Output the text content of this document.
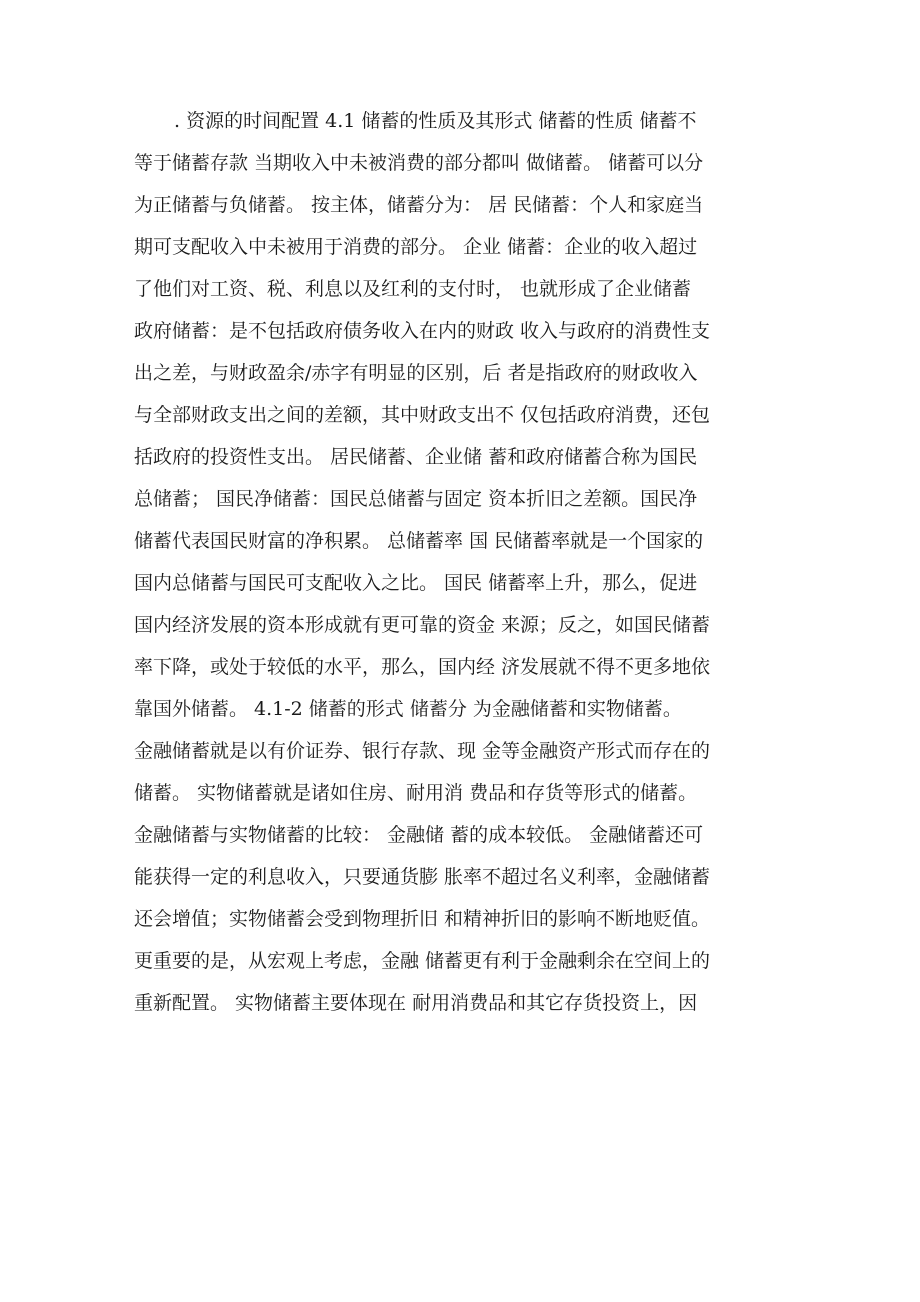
. 资源的时间配置 4.1 储蓄的性质及其形式 储蓄的性质 储蓄不
等于储蓄存款 当期收入中未被消费的部分都叫 做储蓄。 储蓄可以分
为正储蓄与负储蓄。 按主体，储蓄分为： 居 民储蓄：个人和家庭当
期可支配收入中未被用于消费的部分。 企业 储蓄：企业的收入超过
了他们对工资、税、利息以及红利的支付时， 也就形成了企业储蓄
政府储蓄：是不包括政府债务收入在内的财政 收入与政府的消费性支
出之差，与财政盈余/赤字有明显的区别，后 者是指政府的财政收入
与全部财政支出之间的差额，其中财政支出不 仅包括政府消费，还包
括政府的投资性支出。 居民储蓄、企业储 蓄和政府储蓄合称为国民
总储蓄； 国民净储蓄：国民总储蓄与固定 资本折旧之差额。国民净
储蓄代表国民财富的净积累。 总储蓄率 国 民储蓄率就是一个国家的
国内总储蓄与国民可支配收入之比。 国民 储蓄率上升，那么，促进
国内经济发展的资本形成就有更可靠的资金 来源；反之，如国民储蓄
率下降，或处于较低的水平，那么，国内经 济发展就不得不更多地依
靠国外储蓄。 4.1-2 储蓄的形式 储蓄分 为金融储蓄和实物储蓄。
金融储蓄就是以有价证券、银行存款、现 金等金融资产形式而存在的
储蓄。 实物储蓄就是诸如住房、耐用消 费品和存货等形式的储蓄。
金融储蓄与实物储蓄的比较： 金融储 蓄的成本较低。 金融储蓄还可
能获得一定的利息收入，只要通货膨 胀率不超过名义利率，金融储蓄
还会增值；实物储蓄会受到物理折旧 和精神折旧的影响不断地贬值。
更重要的是，从宏观上考虑，金融 储蓄更有利于金融剩余在空间上的
重新配置。 实物储蓄主要体现在 耐用消费品和其它存货投资上，因
